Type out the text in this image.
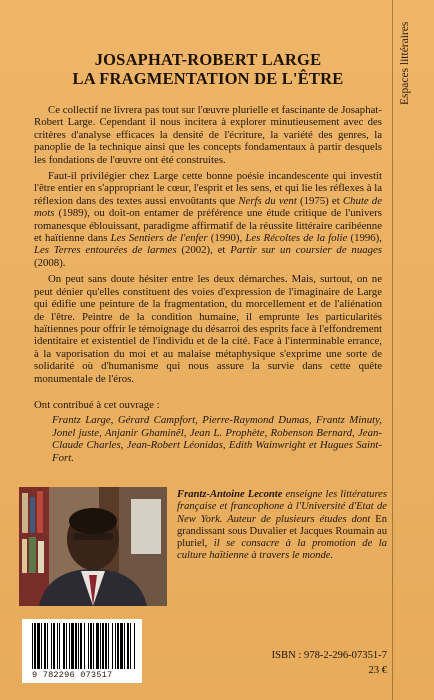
Espaces littéraires
JOSAPHAT-ROBERT LARGE
LA FRAGMENTATION DE L'ÊTRE

Ce collectif ne livrera pas tout sur l'œuvre plurielle et fascinante de Josaphat-Robert Large. Cependant il nous incitera à explorer minutieusement avec des critères d'analyse efficaces la densité de l'écriture, la variété des genres, la panoplie de la technique ainsi que les concepts fondamentaux à partir desquels les fondations de l'œuvre ont été construites.

Faut-il privilégier chez Large cette bonne poésie incandescente qui investit l'être entier en s'appropriant le cœur, l'esprit et les sens, et qui lie les réflexes à la réflexion dans des textes aussi envoûtants que Nerfs du vent (1975) et Chute de mots (1989), ou doit-on entamer de préférence une étude critique de l'univers romanesque éblouissant, paradigme affirmatif de la réussite littéraire caribéenne et haïtienne dans Les Sentiers de l'enfer (1990), Les Récoltes de la folie (1996), Les Terres entourées de larmes (2002), et Partir sur un coursier de nuages (2008).

On peut sans doute hésiter entre les deux démarches. Mais, surtout, on ne peut dénier qu'elles constituent des voies d'expression de l'imaginaire de Large qui édifie une peinture de la fragmentation, du morcellement et de l'aliénation de l'être. Peintre de la condition humaine, il emprunte les particularités haïtiennes pour offrir le témoignage du désarroi des esprits face à l'effondrement identitaire et existentiel de l'individu et de la cité. Face à l'interminable errance, à la vaporisation du moi et au malaise métaphysique s'exprime une sorte de solidarité où d'humanisme qui nous assure la survie dans cette quête monumentale de l'éros.

Ont contribué à cet ouvrage :
Frantz Large, Gérard Campfort, Pierre-Raymond Dumas, Frantz Minuty, Jonel juste, Anjanir Ghaminêl, Jean L. Prophète, Robenson Bernard, Jean-Claude Charles, Jean-Robert Léonidas, Edith Wainwright et Hugues Saint-Fort.
Frantz-Antoine Leconte enseigne les littératures française et francophone à l'Université d'Etat de New York. Auteur de plusieurs études dont En grandissant sous Duvalier et Jacques Roumain au pluriel, il se consacre à la promotion de la culture haïtienne à travers le monde.
9 782296 073517
ISBN : 978-2-296-07351-7
23 €
